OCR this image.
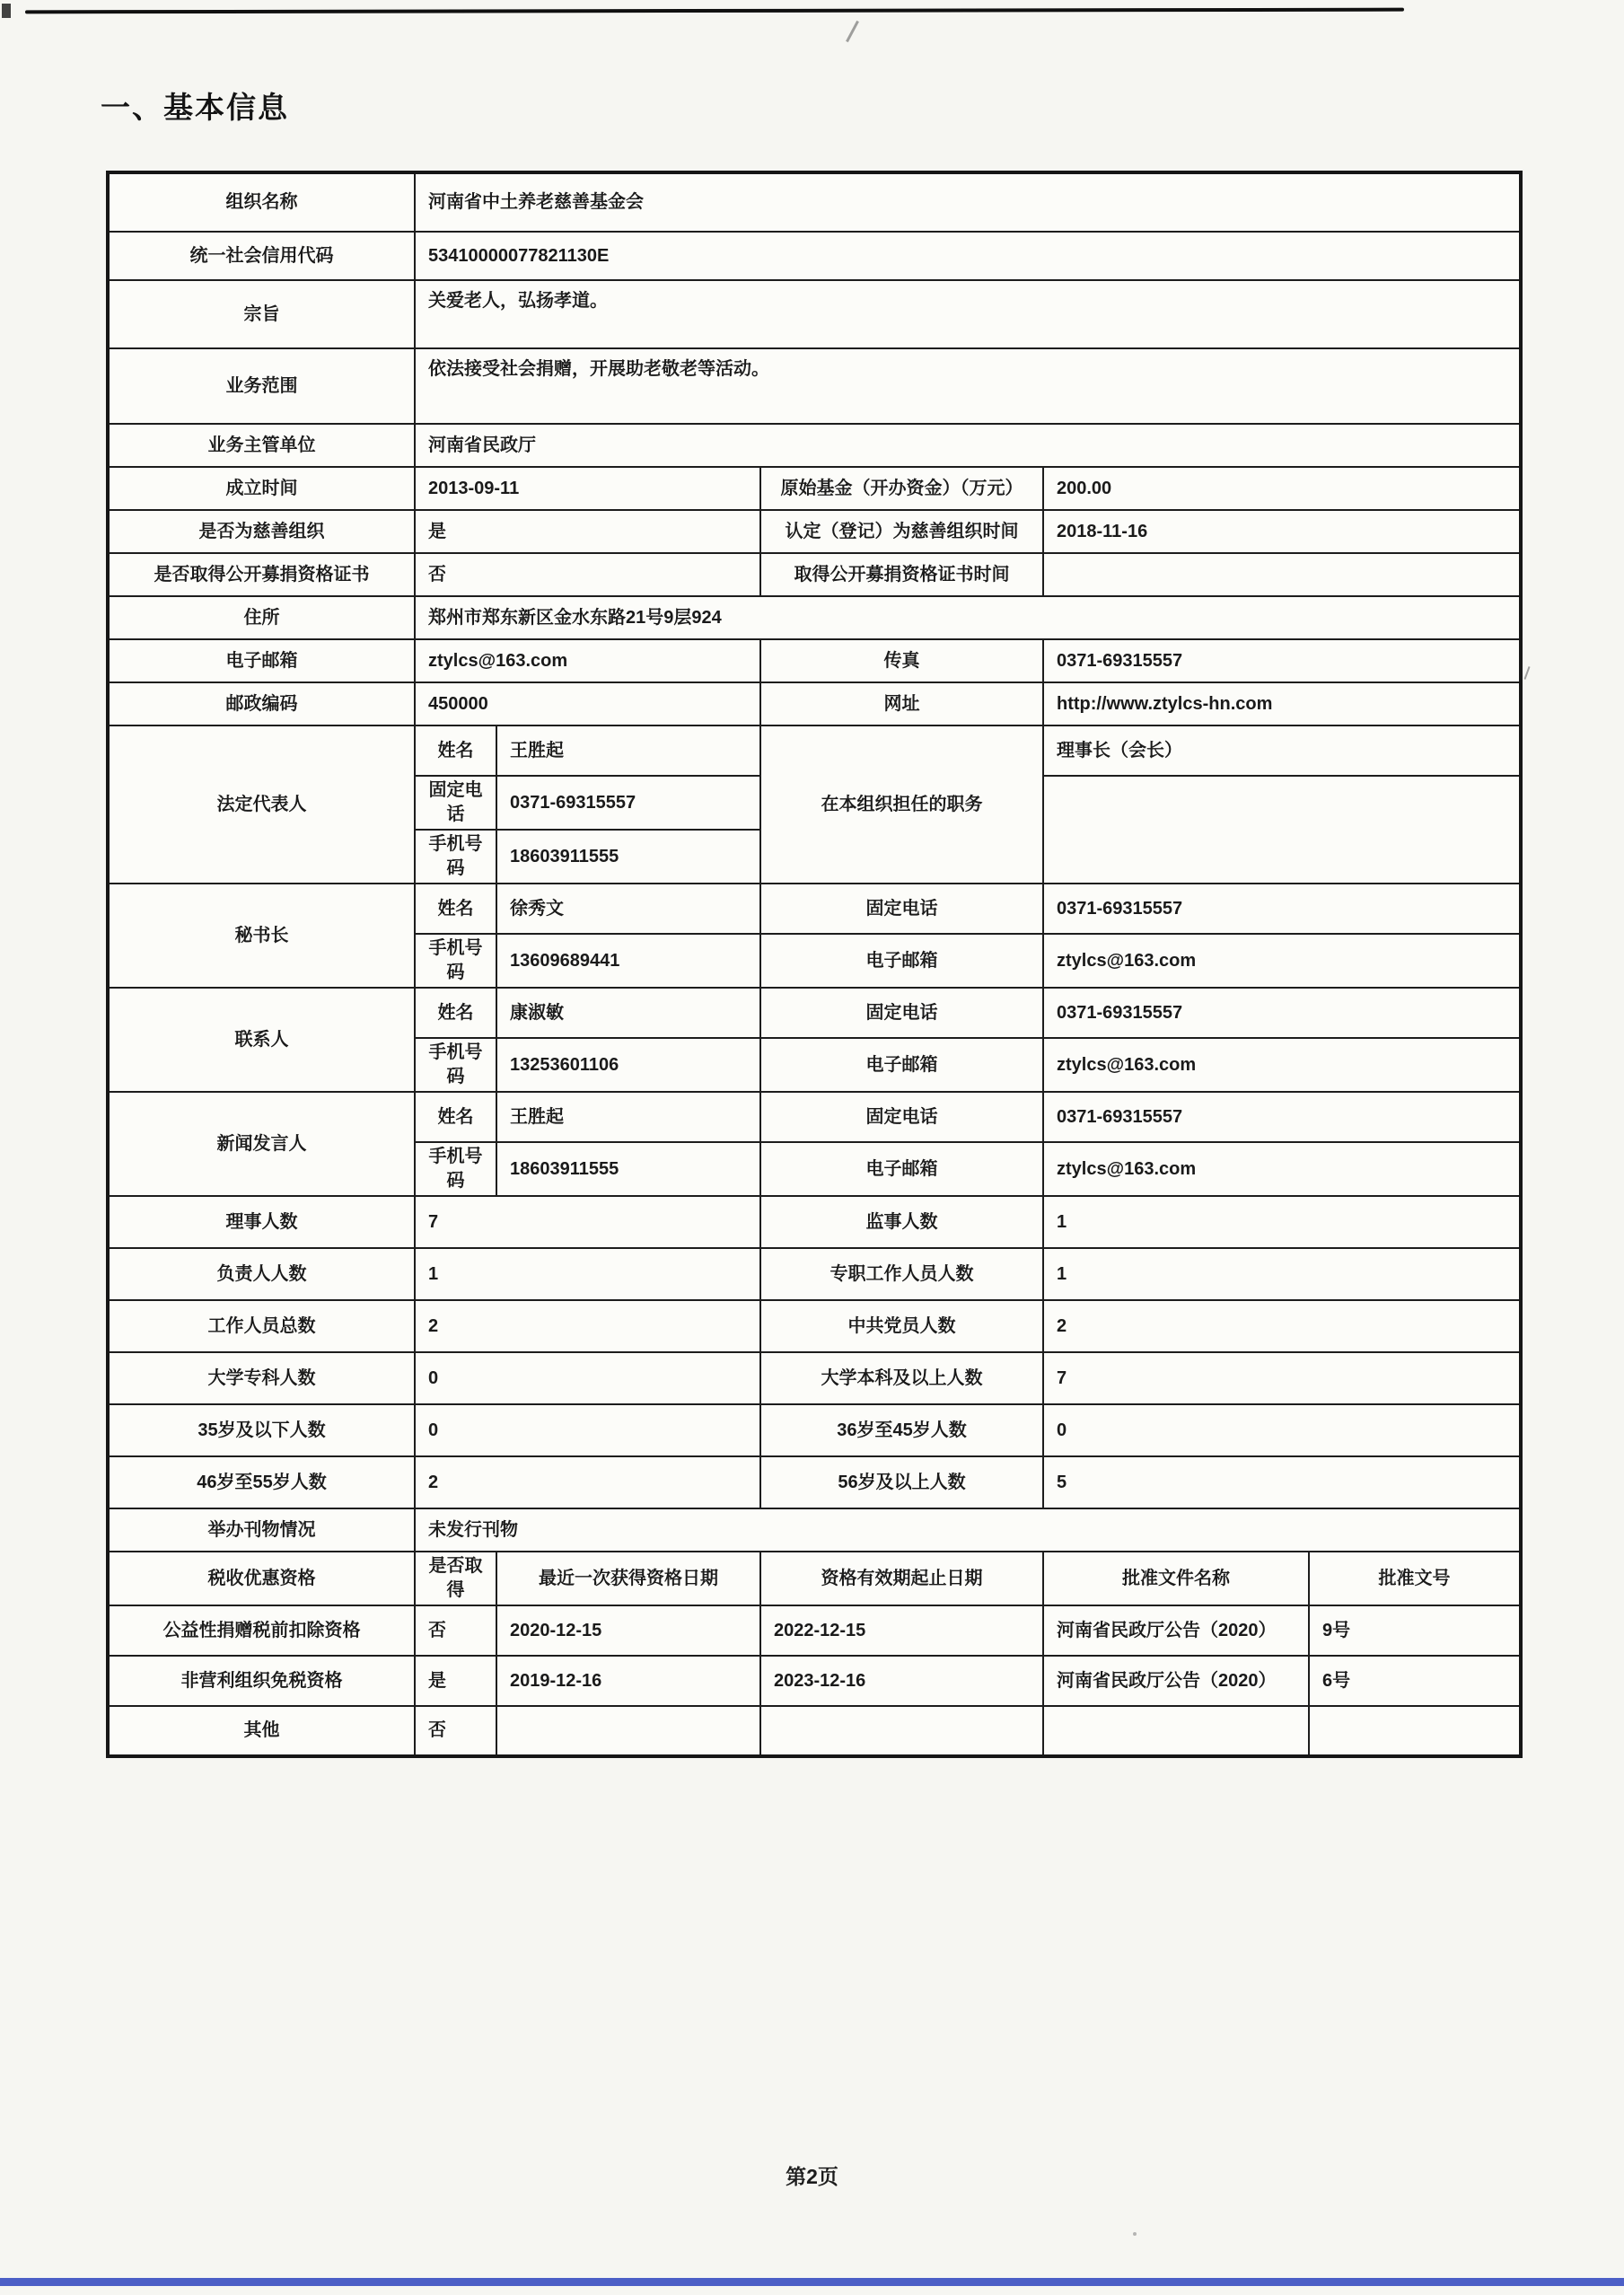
一、基本信息
组织名称	河南省中土养老慈善基金会				
统一社会信用代码	53410000077821130E				
宗旨	关爱老人，弘扬孝道。				
业务范围	依法接受社会捐赠，开展助老敬老等活动。				
业务主管单位	河南省民政厅				
成立时间	2013-09-11		原始基金（开办资金）（万元）	200.00	
是否为慈善组织	是		认定（登记）为慈善组织时间	2018-11-16	
是否取得公开募捐资格证书	否		取得公开募捐资格证书时间		
住所	郑州市郑东新区金水东路21号9层924				
电子邮箱	ztylcs@163.com		传真	0371-69315557	
邮政编码	450000		网址	http://www.ztylcs-hn.com	
法定代表人	姓名	王胜起	在本组织担任的职务	理事长（会长）	
	固定电话	0371-69315557			
	手机号码	18603911555			
秘书长	姓名	徐秀文	固定电话	0371-69315557	
	手机号码	13609689441	电子邮箱	ztylcs@163.com	
联系人	姓名	康淑敏	固定电话	0371-69315557	
	手机号码	13253601106	电子邮箱	ztylcs@163.com	
新闻发言人	姓名	王胜起	固定电话	0371-69315557	
	手机号码	18603911555	电子邮箱	ztylcs@163.com	
理事人数	7		监事人数	1	
负责人人数	1		专职工作人员人数	1	
工作人员总数	2		中共党员人数	2	
大学专科人数	0		大学本科及以上人数	7	
35岁及以下人数	0		36岁至45岁人数	0	
46岁至55岁人数	2		56岁及以上人数	5	
举办刊物情况	未发行刊物				
税收优惠资格	是否取得	最近一次获得资格日期	资格有效期起止日期	批准文件名称	批准文号
公益性捐赠税前扣除资格	否	2020-12-15	2022-12-15	河南省民政厅公告（2020）	9号
非营利组织免税资格	是	2019-12-16	2023-12-16	河南省民政厅公告（2020）	6号
其他	否				
第2页
